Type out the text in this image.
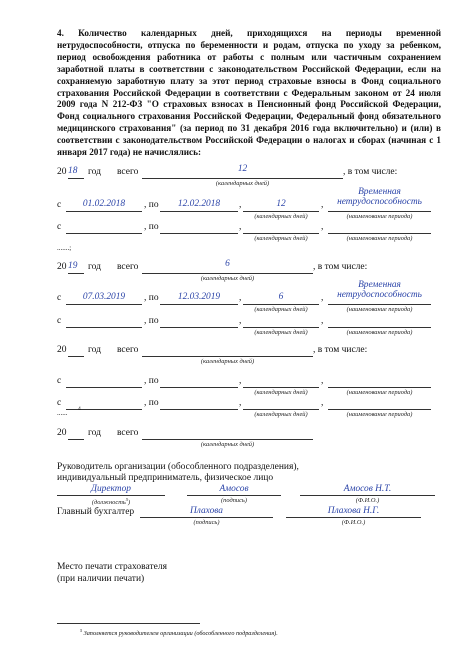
4. Количество календарных дней, приходящихся на периоды временной нетрудоспособности, отпуска по беременности и родам, отпуска по уходу за ребенком, период освобождения работника от работы с полным или частичным сохранением заработной платы в соответствии с законодательством Российской Федерации, если на сохраняемую заработную плату за этот период страховые взносы в Фонд социального страхования Российской Федерации в соответствии с Федеральным законом от 24 июля 2009 года N 212-ФЗ "О страховых взносах в Пенсионный фонд Российской Федерации, Фонд социального страхования Российской Федерации, Федеральный фонд обязательного медицинского страхования" (за период по 31 декабря 2016 года включительно) и (или) в соответствии с законодательством Российской Федерации о налогах и сборах (начиная с 1 января 2017 года) не начислялись:
20 18 год всего	12	, в том числе:
(календарных дней)
с	01.02.2018	, по	12.02.2018	,	12	,
Временная нетрудоспособность
(календарных дней)	(наименование периода)
с	, по	,	,
(календарных дней)	(наименование периода)
.......;
20 19 год всего	6	, в том числе:
(календарных дней)
с	07.03.2019	, по	12.03.2019	,	6	,
Временная нетрудоспособность
(календарных дней)	(наименование периода)
с	, по	,	,
(календарных дней)	(наименование периода)
20 год всего	, в том числе:
(календарных дней)
с	, по	,	,
(календарных дней)	(наименование периода)
с	, по	,	,
(календарных дней)	(наименование периода)
...... 4
20 год всего
(календарных дней)
Руководитель организации (обособленного подразделения),
индивидуальный предприниматель, физическое лицо
Директор
(должность$^5$)
Амосов
(подпись)
Амосов Н.Т.
(Ф.И.О.)
Главный бухгалтер	Плахова
(подпись)
Плахова Н.Г.
(Ф.И.О.)
Место печати страхователя
(при наличии печати)
$^5$ Заполняется руководителем организации (обособленного подразделения).
